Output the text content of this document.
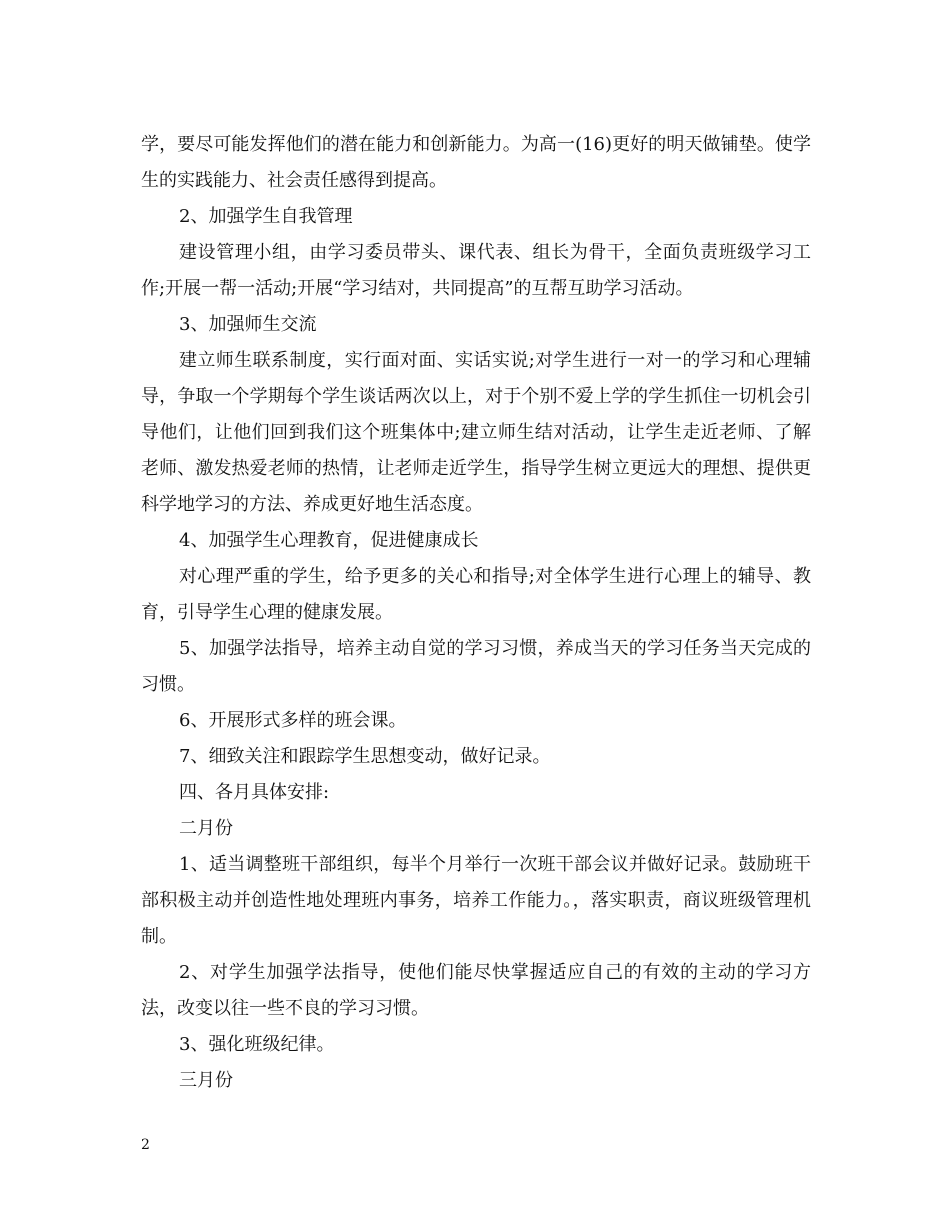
学，要尽可能发挥他们的潜在能力和创新能力。为高一(16)更好的明天做铺垫。使学生的实践能力、社会责任感得到提高。

2、加强学生自我管理

建设管理小组，由学习委员带头、课代表、组长为骨干，全面负责班级学习工作;开展一帮一活动;开展“学习结对，共同提高”的互帮互助学习活动。

3、加强师生交流

建立师生联系制度，实行面对面、实话实说;对学生进行一对一的学习和心理辅导，争取一个学期每个学生谈话两次以上，对于个别不爱上学的学生抓住一切机会引导他们，让他们回到我们这个班集体中;建立师生结对活动，让学生走近老师、了解老师、激发热爱老师的热情，让老师走近学生，指导学生树立更远大的理想、提供更科学地学习的方法、养成更好地生活态度。

4、加强学生心理教育，促进健康成长

对心理严重的学生，给予更多的关心和指导;对全体学生进行心理上的辅导、教育，引导学生心理的健康发展。

5、加强学法指导，培养主动自觉的学习习惯，养成当天的学习任务当天完成的习惯。

6、开展形式多样的班会课。

7、细致关注和跟踪学生思想变动，做好记录。

四、各月具体安排:

二月份

1、适当调整班干部组织，每半个月举行一次班干部会议并做好记录。鼓励班干部积极主动并创造性地处理班内事务，培养工作能力。，落实职责，商议班级管理机制。

2、对学生加强学法指导，使他们能尽快掌握适应自己的有效的主动的学习方法，改变以往一些不良的学习习惯。

3、强化班级纪律。

三月份

2
